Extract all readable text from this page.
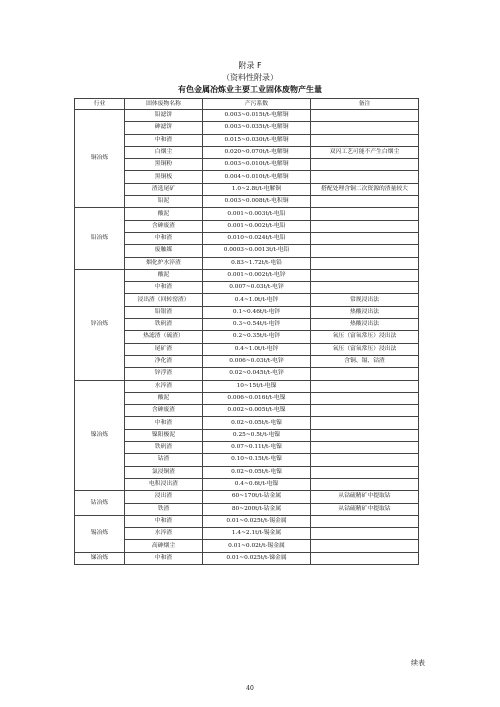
附录 F
（资料性附录）
有色金属冶炼业主要工业固体废物产生量
行业	固体废物名称	产污系数	备注
铜冶炼	铅滤饼	0.003~0.015t/t-电解铜	
	砷滤饼	0.003~0.035t/t-电解铜	
	中和渣	0.015~0.030t/t-电解铜	
	白烟尘	0.020~0.070t/t-电解铜	双闪工艺可能不产生白烟尘
	黑铜粉	0.003~0.010t/t-电解铜	
	黑铜板	0.004~0.010t/t-电解铜	
	渣选尾矿	1.0~2.8t/t-电解铜	搭配处理含铜二次资源的渣量较大
	铅泥	0.003~0.008t/t-电积铜	
铅冶炼	酸泥	0.001~0.003t/t-电铅	
	含砷废渣	0.001~0.002t/t-电铅	
	中和渣	0.010~0.024t/t-电铅	
	废触媒	0.0003~0.0013t/t-电铅	
	烟化炉水淬渣	0.83~1.72t/t-电铅	
锌冶炼	酸泥	0.001~0.002t/t-电锌	
	中和渣	0.007~0.03t/t-电锌	
	浸出渣（回转窑渣）	0.4~1.0t/t-电锌	常规浸出法
	铅银渣	0.1~0.46t/t-电锌	热酸浸出法
	铁矾渣	0.3~0.54t/t-电锌	热酸浸出法
	热滤渣（硫渣）	0.2~0.35t/t-电锌	氧压（富氧常压）浸出法
	尾矿渣	0.4~1.0t/t-电锌	氧压（富氧常压）浸出法
	净化渣	0.006~0.03t/t-电锌	含铜、镉、钴渣
	锌浮渣	0.02~0.045t/t-电锌	
镍冶炼	水淬渣	10~15t/t-电镍	
	酸泥	0.006~0.016t/t-电镍	
	含砷废渣	0.002~0.005t/t-电镍	
	中和渣	0.02~0.05t/t-电镍	
	镍阳极泥	0.25~0.5t/t-电镍	
	铁矾渣	0.07~0.11t/t-电镍	
	钴渣	0.10~0.15t/t-电镍	
	氯浸铜渣	0.02~0.05t/t-电镍	
	电积浸出渣	0.4~0.6t/t-电镍	
钴冶炼	浸出渣	60~170t/t-钴金属	从钴硫精矿中提取钴
	铁渣	80~200t/t-钴金属	从钴硫精矿中提取钴
锡冶炼	中和渣	0.01~0.025t/t-锡金属	
	水淬渣	1.4~2.1t/t-锡金属	
	高砷烟尘	0.01~0.02t/t-锡金属	
锑冶炼	中和渣	0.01~0.025t/t-锑金属	
续表
40
